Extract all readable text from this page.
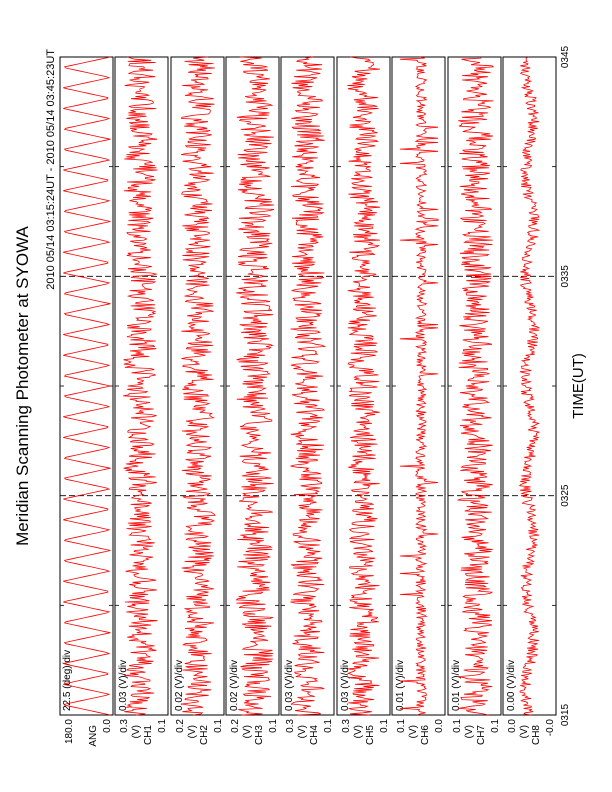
Meridian Scanning Photometer at SYOWA
2010 05/14 03:15:24UT - 2010 05/14 03:45:23UT
TIME(UT)
180.0	0.0
ANG
22.5 (deg)/div
0.3	0.1
(V) CH1
0.03 (V)/div
0.2	0.1
(V) CH2
0.02 (V)/div
0.2	0.1
(V) CH3
0.02 (V)/div
0.3	0.1
(V) CH4
0.03 (V)/div
0.3	0.1
(V) CH5
0.03 (V)/div
0.1	0.0
(V) CH6
0.01 (V)/div
0.1	0.1
(V) CH7
0.01 (V)/div
0.0	-0.0
(V) CH8
0.00 (V)/div
0315
0325
0335
0345
